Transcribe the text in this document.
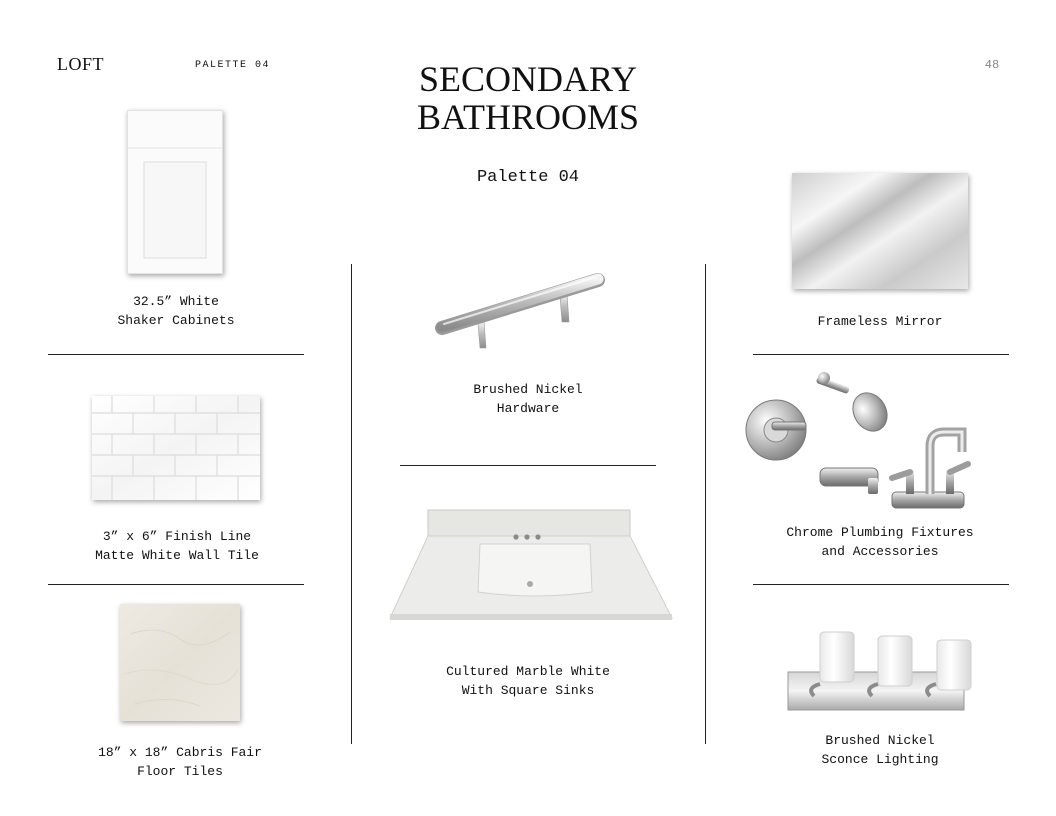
LOFT	PALETTE 04	48
SECONDARY
BATHROOMS
Palette 04
32.5” White
Shaker Cabinets
3” x 6” Finish Line
Matte White Wall Tile
18” x 18” Cabris Fair
Floor Tiles
Brushed Nickel
Hardware
Cultured Marble White
With Square Sinks
Frameless Mirror
Chrome Plumbing Fixtures
and Accessories
Brushed Nickel
Sconce Lighting
